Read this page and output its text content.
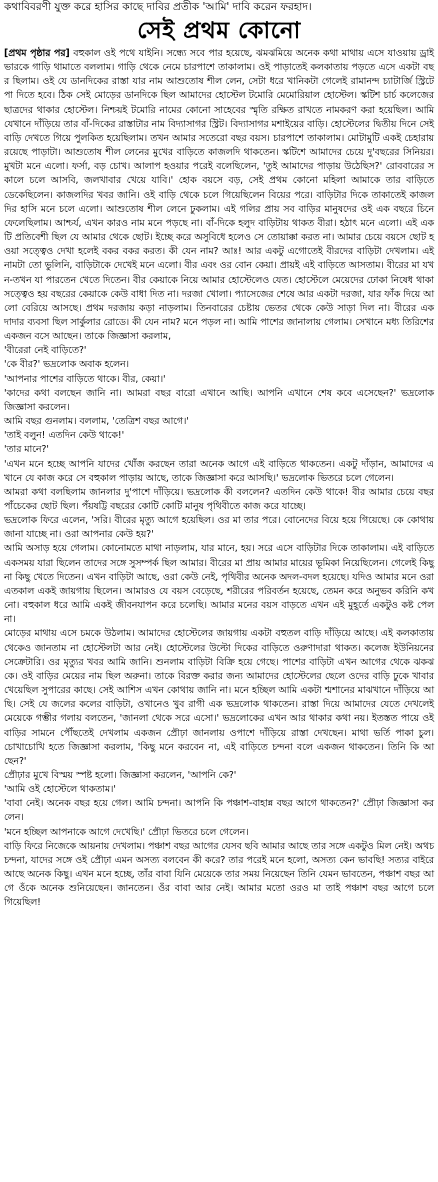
কথাবিবরণী যুক্ত করে হাসির কাছে দাবির প্রতীক 'আমি' দাবি করেন ফরহাদ।
সেই প্রথম কোনো

[প্রথম পৃষ্ঠার পর] বহুকাল ওই পথে যাইনি। সন্ধ্যে সবে পার হয়েছে, ঝমঝমিয়ে অনেক কথা মাথায় এসে যাওয়ায় ড্রাইভারকে গাড়ি থামাতে বললাম। গাড়ি থেকে নেমে চারপাশে তাকালাম। ওই পাড়াতেই কলকাতায় পড়তে এসে একটা বছর ছিলাম। ওই যে ডানদিকের রাস্তা যার নাম আশুতোষ শীল লেন, সেটা ধরে খানিকটা গেলেই রামানন্দ চ্যাটার্জি স্ট্রিটে পা দিতে হবে। ঠিক সেই মোড়ের ডানদিকে ছিল আমাদের হোস্টেল টমোরি মেমোরিয়াল হোস্টেল। স্কটিশ চার্চ কলেজের ছাত্রদের থাকার হোস্টেল। নিশ্চয়ই টমোরি নামের কোনো সাহেবের স্মৃতি রক্ষিত রাখতে নামকরণ করা হয়েছিল। আমি যেখানে দাঁড়িয়ে তার বাঁ-দিকের রাস্তাটার নাম বিদ্যাসাগর স্ট্রিট। বিদ্যাসাগর মশাইয়ের বাড়ি। হোস্টেলের দ্বিতীয় দিনে সেই বাড়ি দেখতে গিয়ে পুলকিত হয়েছিলাম। তখন আমার সতেরো বছর বয়স। চারপাশে তাকালাম। মোটামুটি একই চেহারায় রয়েছে পাড়াটা। আশুতোষ শীল লেনের মুখের বাড়িতে কাজলদি থাকতেন। স্কটিশে আমাদের চেয়ে দু'বছরের সিনিয়র। মুখটা মনে এলো। ফর্সা, বড় চোখ। আলাপ হওয়ার পরেই বলেছিলেন, 'তুই আমাদের পাড়ায় উঠেছিস?' রোববারের সকালে চলে আসবি, জলখাবার খেয়ে যাবি।' হোক বয়সে বড়, সেই প্রথম কোনো মহিলা আমাকে তার বাড়িতে ডেকেছিলেন। কাজলদির খবর জানি। ওই বাড়ি থেকে চলে গিয়েছিলেন বিয়ের পরে। বাড়িটার দিকে তাকাতেই কাজলদির হাসি মনে চলে এলো। আশুতোষ শীল লেনে ঢুকলাম। এই গলির প্রায় সব বাড়ির মানুষদের ওই এক বছরে চিনে ফেলেছিলাম। আশ্চর্য, এখন কারও নাম মনে পড়ছে না। বাঁ-দিকে হলুদ বাড়িটায় থাকত বীরা। হঠাৎ মনে এলো। এই একটি প্রতিবেশী ছিল যে আমার থেকে ছোট। ইচ্ছে করে অসুবিধে হলেও সে তোয়াক্কা করত না। আমার চেয়ে বয়সে ছোট হওয়া সত্ত্বেও দেখা হলেই বকর বকর করত। কী যেন নাম? আঃ! আর একটু এগোতেই বীরদের বাড়িটা দেখলাম। এই নামটা তো ভুলিনি, বাড়িটাকে দেখেই মনে এলো। বীর এবং ওর বোন কেয়া। প্রায়ই এই বাড়িতে আসতাম। বীরের মা যখন-তখন যা পারতেন খেতে দিতেন। বীর কেয়াকে নিয়ে আমার হোস্টেলেও যেত। হোস্টেলে মেয়েদের ঢোকা নিষেধ থাকা সত্ত্বেও হয় বছরের কেয়াকে কেউ বাধা দিত না। দরজা খোলা। প্যাসেজের শেষে আর একটা দরজা, যার ফাঁক দিয়ে আলো বেরিয়ে আসছে। প্রথম দরজায় কড়া নাড়লাম। তিনবারের চেষ্টায় ভেতর থেকে কেউ সাড়া দিল না। বীরের এক দাদার ব্যবসা ছিল সার্কুলার রোডে। কী যেন নাম? মনে পড়ল না। আমি পাশের জানালায় গেলাম। সেখানে মধ্য তিরিশের একজন বসে আছেন। তাকে জিজ্ঞাসা করলাম,

'বীরেরা নেই বাড়িতে?'

'কে বীর?' ভদ্রলোক অবাক হলেন।

'আপনার পাশের বাড়িতে থাকে। বীর, কেয়া।'

'কাদের কথা বলছেন জানি না। আমরা বছর বারো এখানে আছি। আপনি এখানে শেষ কবে এসেছেন?' ভদ্রলোক জিজ্ঞাসা করলেন।

আমি বছর গুনলাম। বললাম, 'তেত্রিশ বছর আগে।'

'তাই বলুন! এতদিন কেউ থাকে!'

'তার মানে?'

'এখন মনে হচ্ছে আপনি যাদের খোঁজ করছেন তারা অনেক আগে এই বাড়িতে থাকতেন। একটু দাঁড়ান, আমাদের এখানে যে কাজ করে সে বহুকাল পাড়ায় আছে, তাকে জিজ্ঞাসা করে আসছি।' ভদ্রলোক ভিতরে চলে গেলেন।

আমরা কথা বলছিলাম জানলার দু'পাশে দাঁড়িয়ে। ভদ্রলোক কী বললেন? এতদিন কেউ থাকে! বীর আমার চেয়ে বছর পাঁচেকের ছোট ছিল। পঁয়ষট্টি বছরের কোটি কোটি মানুষ পৃথিবীতে কাজ করে যাচ্ছে।

ভদ্রলোক ফিরে এলেন, 'সরি। বীরের মৃত্যু আগে হয়েছিল। ওর মা তার পরে। বোনেদের বিয়ে হয়ে গিয়েছে। কে কোথায় জানা যাচ্ছে না। ওরা আপনার কেউ হয়?'

আমি অসাড় হয়ে গেলাম। কোনোমতে মাথা নাড়লাম, যার মানে, হয়। সরে এসে বাড়িটার দিকে তাকালাম। এই বাড়িতে একসময় যারা ছিলেন তাদের সঙ্গে সুসম্পর্ক ছিল আমার। বীরের মা প্রায় আমার মায়ের ভূমিকা নিয়েছিলেন। গেলেই কিছু না কিছু খেতে দিতেন। এখন বাড়িটা আছে, ওরা কেউ নেই, পৃথিবীর অনেক অদল-বদল হয়েছে। যদিও আমার মনে ওরা এতকাল একই জায়গায় ছিলেন। আমারও যে বয়স বেড়েছে, শরীরের পরিবর্তন হয়েছে, তেমন করে অনুভব করিনি কখনো। বহুকাল ধরে আমি একই জীবনযাপন করে চলেছি। আমার মনের বয়স বাড়তে এখন এই মুহূর্তে একটুও কষ্ট পেল না।

মোড়ের মাথায় এসে চমকে উঠলাম। আমাদের হোস্টেলের জায়গায় একটা বহুতল বাড়ি দাঁড়িয়ে আছে। এই কলকাতায় থেকেও জানতাম না হোস্টেলটা আর নেই। হোস্টেলের উল্টো দিকের বাড়িতে ওরুণাদারা থাকত। কলেজ ইউনিয়নের সেক্রেটারি। ওর মৃত্যুর খবর আমি জানি। শুনলাম বাড়িটা বিক্রি হয়ে গেছে। পাশের বাড়িটা এখন আগের থেকে ঝকঝকে। ওই বাড়ির মেয়ের নাম ছিল অরুনা। তাকে বিরক্ত করার জন্য আমাদের হোস্টেলের ছেলে ওদের বাড়ি ঢুকে খাবার খেয়েছিল সুপারের কাছে। সেই আশিস এখন কোথায় জানি না। মনে হচ্ছিল আমি একটা শ্মশানের মাঝখানে দাঁড়িয়ে আছি। সেই যে জলের কলের বাড়িটা, ওখানেও খুব রাগী এক ভদ্রলোক থাকতেন। রাস্তা দিয়ে আমাদের যেতে দেখলেই মেয়েকে গম্ভীর গলায় বলতেন, 'জানলা থেকে সরে এসো।' ভদ্রলোকের এখন আর থাকার কথা নয়। ইতস্তত পায়ে ওই বাড়ির সামনে পৌঁছতেই দেখলাম একজন প্রৌঢ়া জানলায় ওপাশে দাঁড়িয়ে রাস্তা দেখছেন। মাথা ভর্তি পাকা চুল। চোখাচোখি হতে জিজ্ঞাসা করলাম, 'কিছু মনে করবেন না, এই বাড়িতে চন্দনা বলে একজন থাকতেন। তিনি কি আছেন?'

প্রৌঢ়ার মুখে বিস্ময় স্পষ্ট হলো। জিজ্ঞাসা করলেন, 'আপনি কে?'

'আমি ওই হোস্টেলে থাকতাম।'

'বাবা নেই। অনেক বছর হয়ে গেল। আমি চন্দনা। আপনি কি পঞ্চাশ-বাহান্ন বছর আগে থাকতেন?' প্রৌঢ়া জিজ্ঞাসা করলেন।

'মনে হচ্ছিল আপনাকে আগে দেখেছি।' প্রৌঢ়া ভিতরে চলে গেলেন।

বাড়ি ফিরে নিজেকে আয়নায় দেখলাম। পঞ্চাশ বছর আগের যেসব ছবি আমার আছে তার সঙ্গে একটুও মিল নেই। অথচ চন্দনা, যাদের সঙ্গে ওই প্রৌঢ়া এমন অসত্য বলবেন কী করে? তার পরেই মনে হলো, অসত্য কেন ভাবছি! সত্যর বাইরে আছে অনেক কিছু। এখন মনে হচ্ছে, তাঁর বাবা যিনি মেয়েকে তার সময় নিয়েছেন তিনি যেমন ভাবতেন, পঞ্চাশ বছর আগে ওঁকে অনেক শুনিয়েছেন। জানতেন। ওঁর বাবা আর নেই। আমার মতো ওরও মা তাই পঞ্চাশ বছর আগে চলে গিয়েছিল!
